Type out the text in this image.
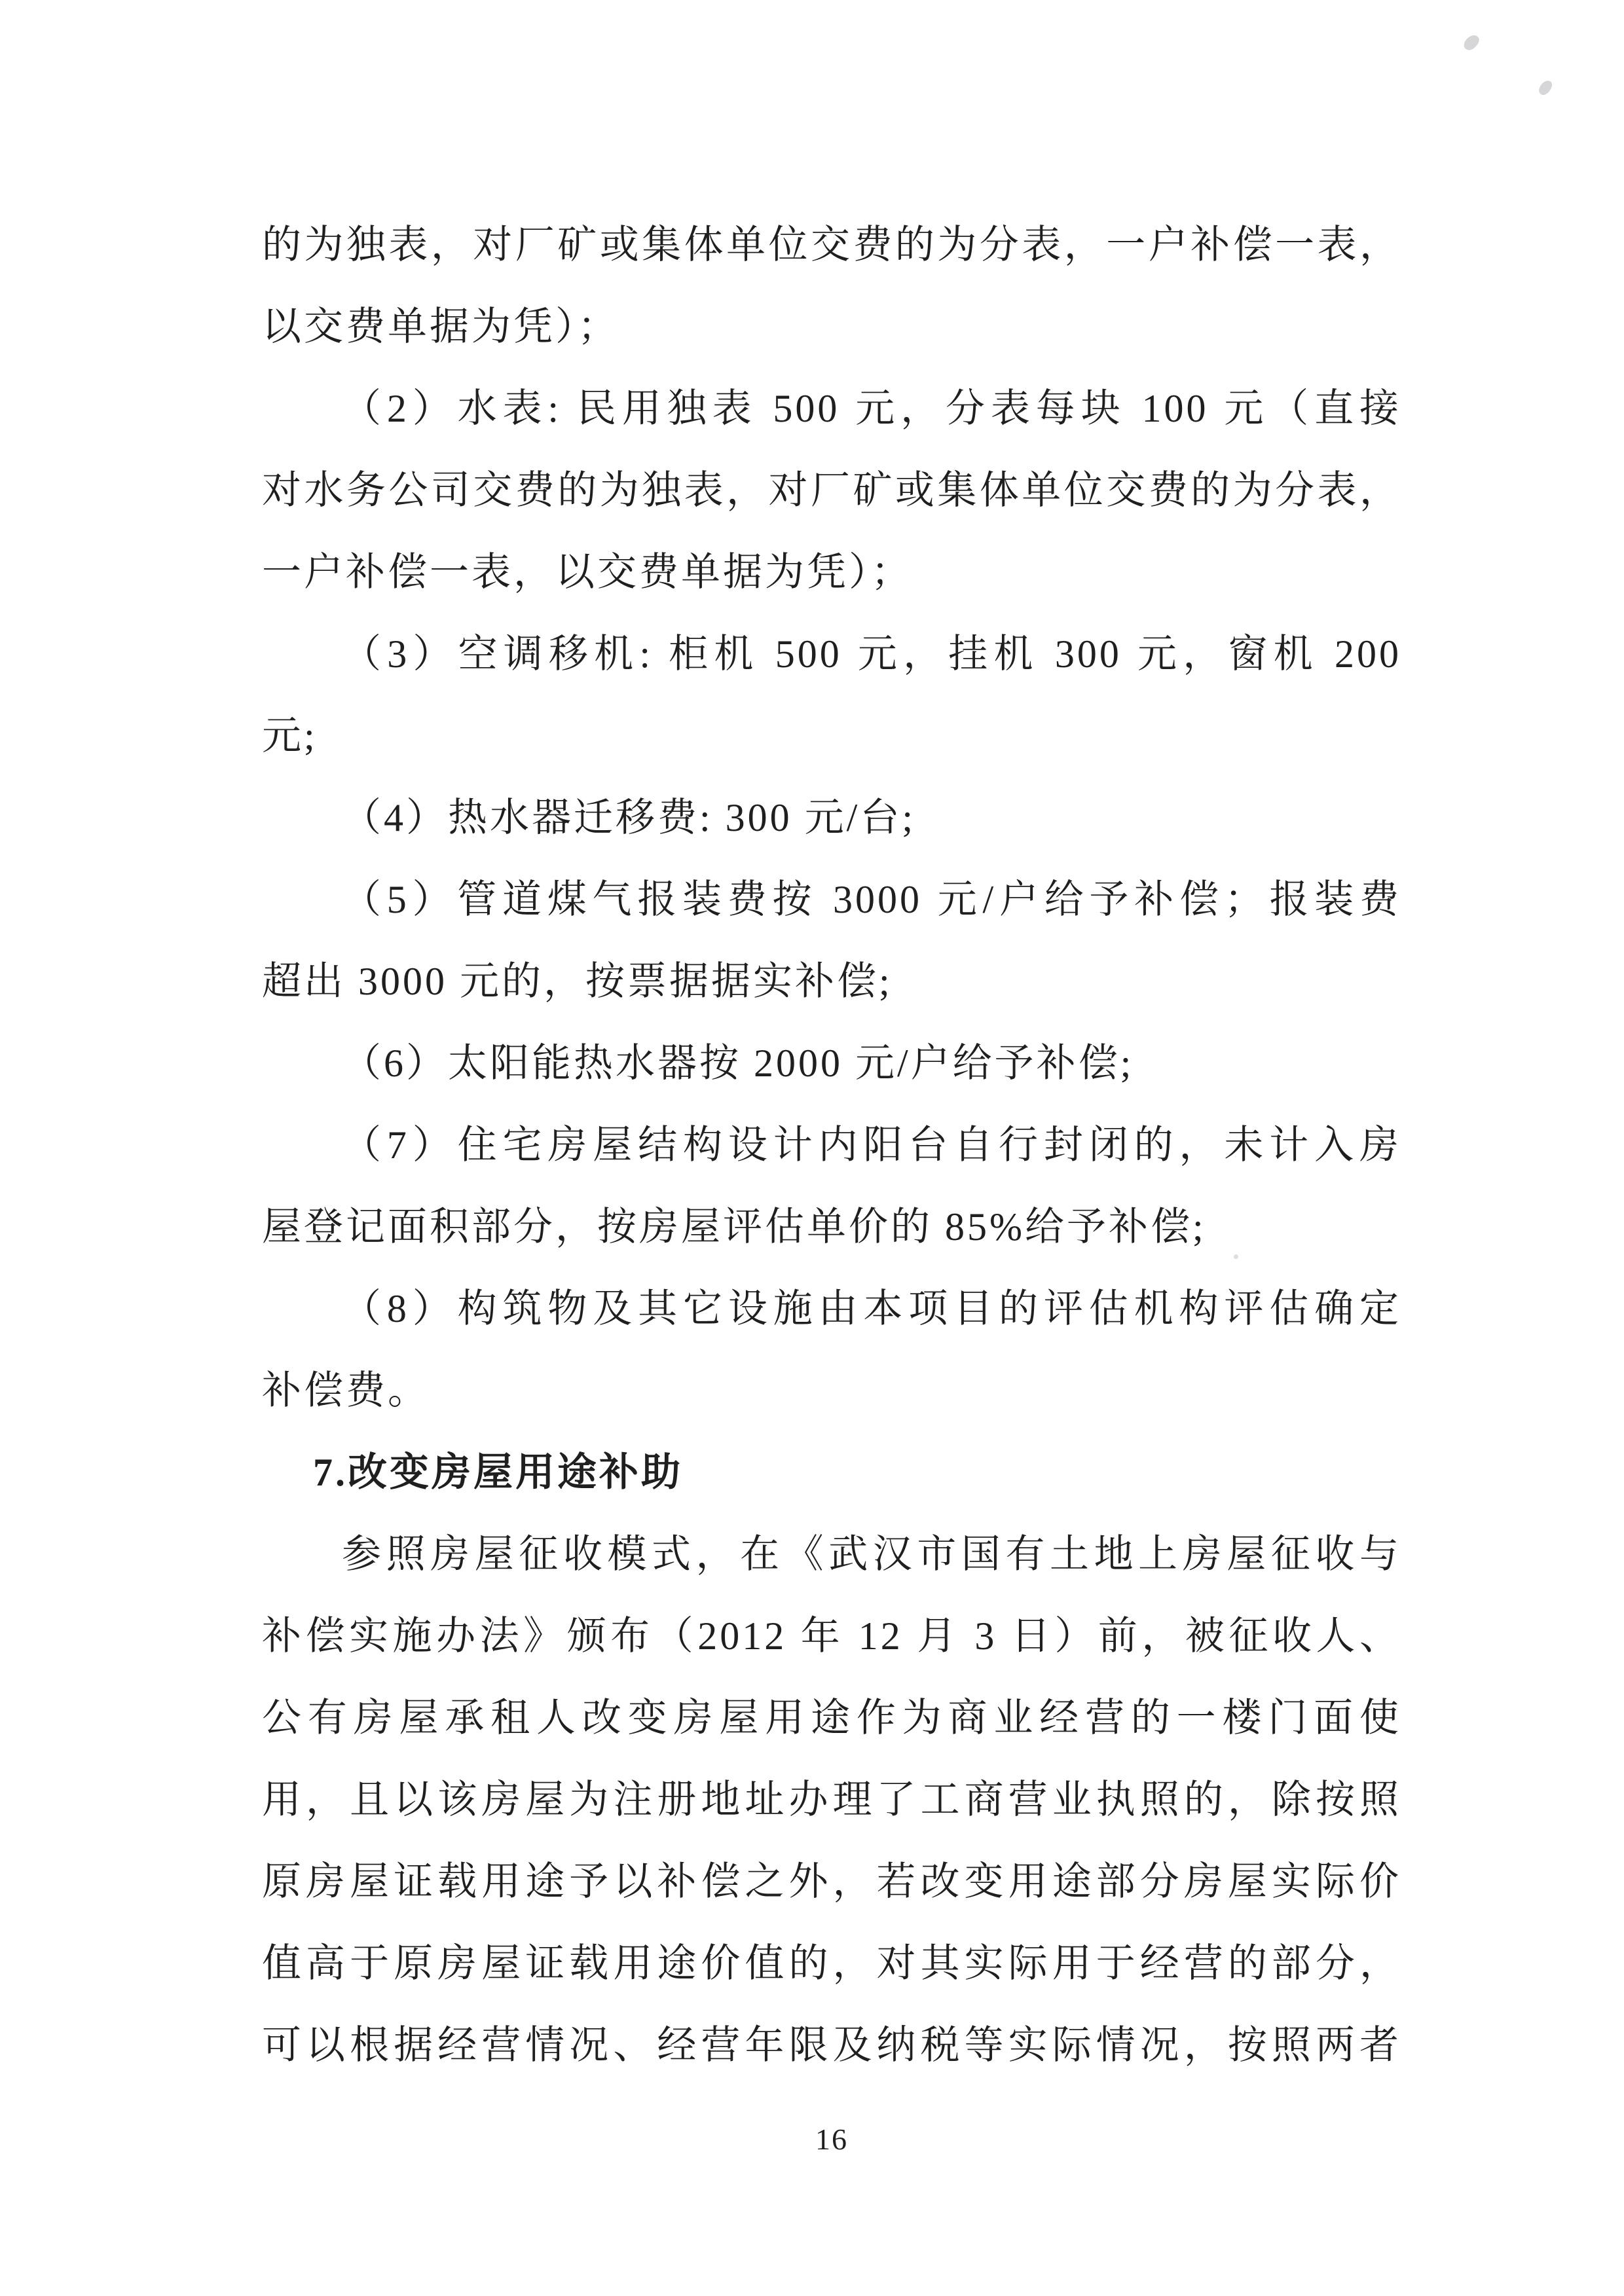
的为独表，对厂矿或集体单位交费的为分表，一户补偿一表，
以交费单据为凭）；
（2）水表: 民用独表 500 元，分表每块 100 元（直接
对水务公司交费的为独表，对厂矿或集体单位交费的为分表，
一户补偿一表，以交费单据为凭）；
（3）空调移机: 柜机 500 元，挂机 300 元，窗机 200
元;
（4）热水器迁移费: 300 元/台;
（5）管道煤气报装费按 3000 元/户给予补偿；报装费
超出 3000 元的，按票据据实补偿;
（6）太阳能热水器按 2000 元/户给予补偿;
（7）住宅房屋结构设计内阳台自行封闭的，未计入房
屋登记面积部分，按房屋评估单价的 85%给予补偿;
（8）构筑物及其它设施由本项目的评估机构评估确定
补偿费。
7.改变房屋用途补助
参照房屋征收模式，在《武汉市国有土地上房屋征收与
补偿实施办法》颁布（2012 年 12 月 3 日）前，被征收人、
公有房屋承租人改变房屋用途作为商业经营的一楼门面使
用，且以该房屋为注册地址办理了工商营业执照的，除按照
原房屋证载用途予以补偿之外，若改变用途部分房屋实际价
值高于原房屋证载用途价值的，对其实际用于经营的部分，
可以根据经营情况、经营年限及纳税等实际情况，按照两者
16
